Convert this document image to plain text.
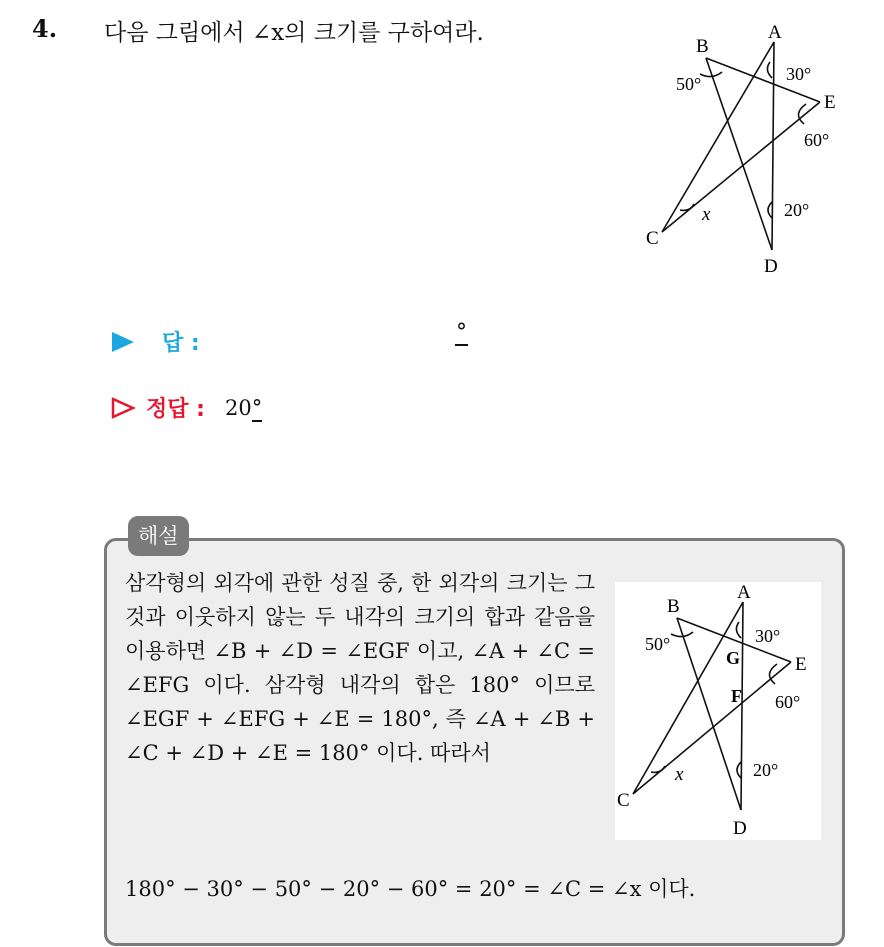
4. 다음 그림에서 ∠x의 크기를 구하여라.	A
B
C
D
E
30°
50°
60°
20°
x
답 :	°
정답 : 20°
해설
삼각형의 외각에 관한 성질 중, 한 외각의 크기는 그것과 이웃하지 않는 두 내각의 크기의 합과 같음을 이용하면 ∠B + ∠D = ∠EGF 이고, ∠A + ∠C = ∠EFG 이다. 삼각형 내각의 합은 180° 이므로 ∠EGF + ∠EFG + ∠E = 180°, 즉 ∠A + ∠B + ∠C + ∠D + ∠E = 180° 이다. 따라서
180° − 30° − 50° − 20° − 60° = 20° = ∠C = ∠x 이다.
A
B
C
D
E
G
F
30°
50°
60°
20°
x
